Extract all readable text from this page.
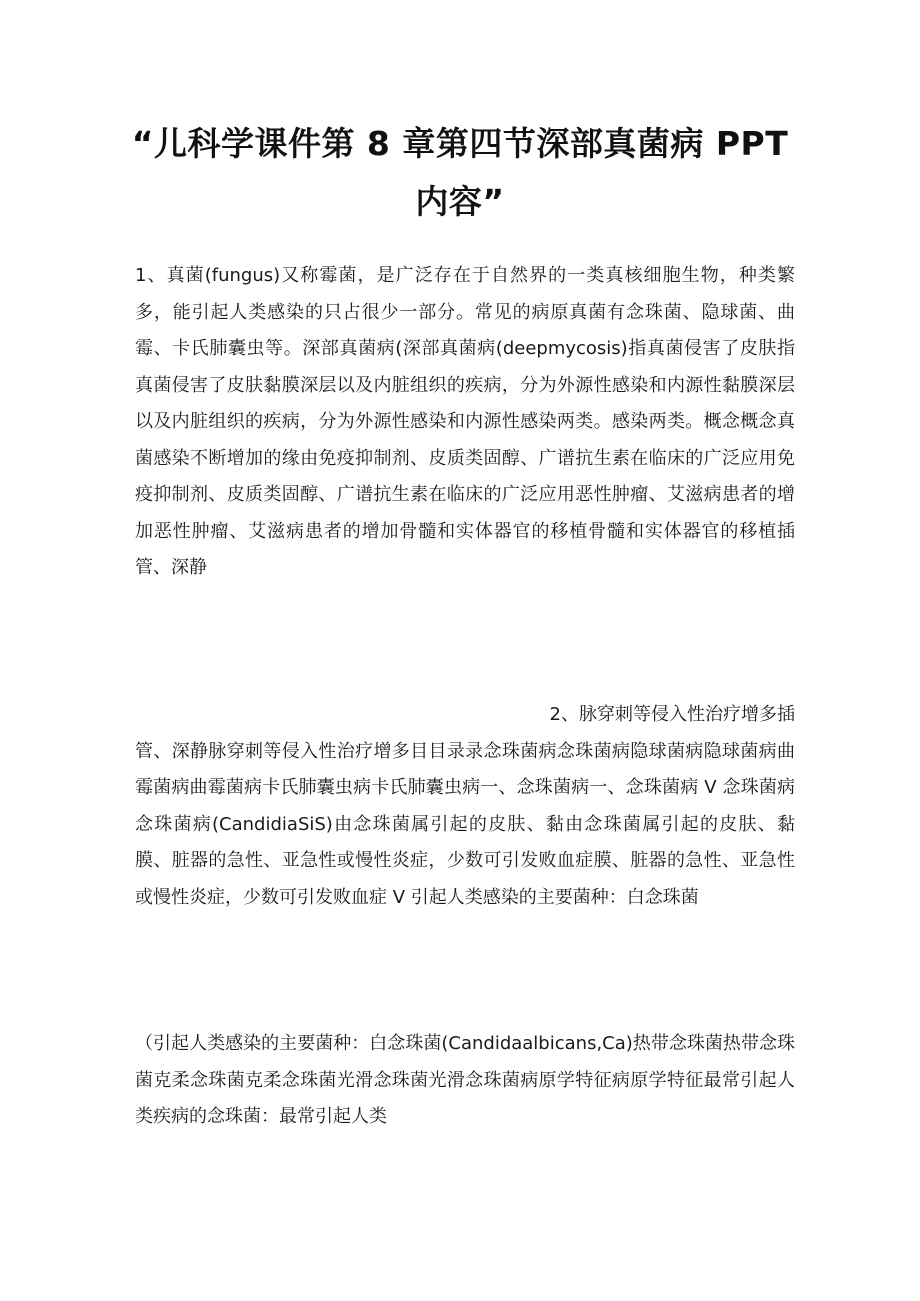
“儿科学课件第 8 章第四节深部真菌病 PPT
内容”
1、真菌(fungus)又称霉菌，是广泛存在于自然界的一类真核细胞生物，种类繁多，能引起人类感染的只占很少一部分。常见的病原真菌有念珠菌、隐球菌、曲霉、卡氏肺囊虫等。深部真菌病(深部真菌病(deepmycosis)指真菌侵害了皮肤指真菌侵害了皮肤黏膜深层以及内脏组织的疾病，分为外源性感染和内源性黏膜深层以及内脏组织的疾病，分为外源性感染和内源性感染两类。感染两类。概念概念真菌感染不断增加的缘由免疫抑制剂、皮质类固醇、广谱抗生素在临床的广泛应用免疫抑制剂、皮质类固醇、广谱抗生素在临床的广泛应用恶性肿瘤、艾滋病患者的增加恶性肿瘤、艾滋病患者的增加骨髓和实体器官的移植骨髓和实体器官的移植插管、深静
2、脉穿刺等侵入性治疗增多插
管、深静脉穿刺等侵入性治疗增多目目录录念珠菌病念珠菌病隐球菌病隐球菌病曲霉菌病曲霉菌病卡氏肺囊虫病卡氏肺囊虫病一、念珠菌病一、念珠菌病 V 念珠菌病念珠菌病(CandidiaSiS)由念珠菌属引起的皮肤、黏由念珠菌属引起的皮肤、黏膜、脏器的急性、亚急性或慢性炎症，少数可引发败血症膜、脏器的急性、亚急性或慢性炎症，少数可引发败血症 V 引起人类感染的主要菌种：白念珠菌
（引起人类感染的主要菌种：白念珠菌(Candidaalbicans,Ca)热带念珠菌热带念珠菌克柔念珠菌克柔念珠菌光滑念珠菌光滑念珠菌病原学特征病原学特征最常引起人类疾病的念珠菌：最常引起人类
